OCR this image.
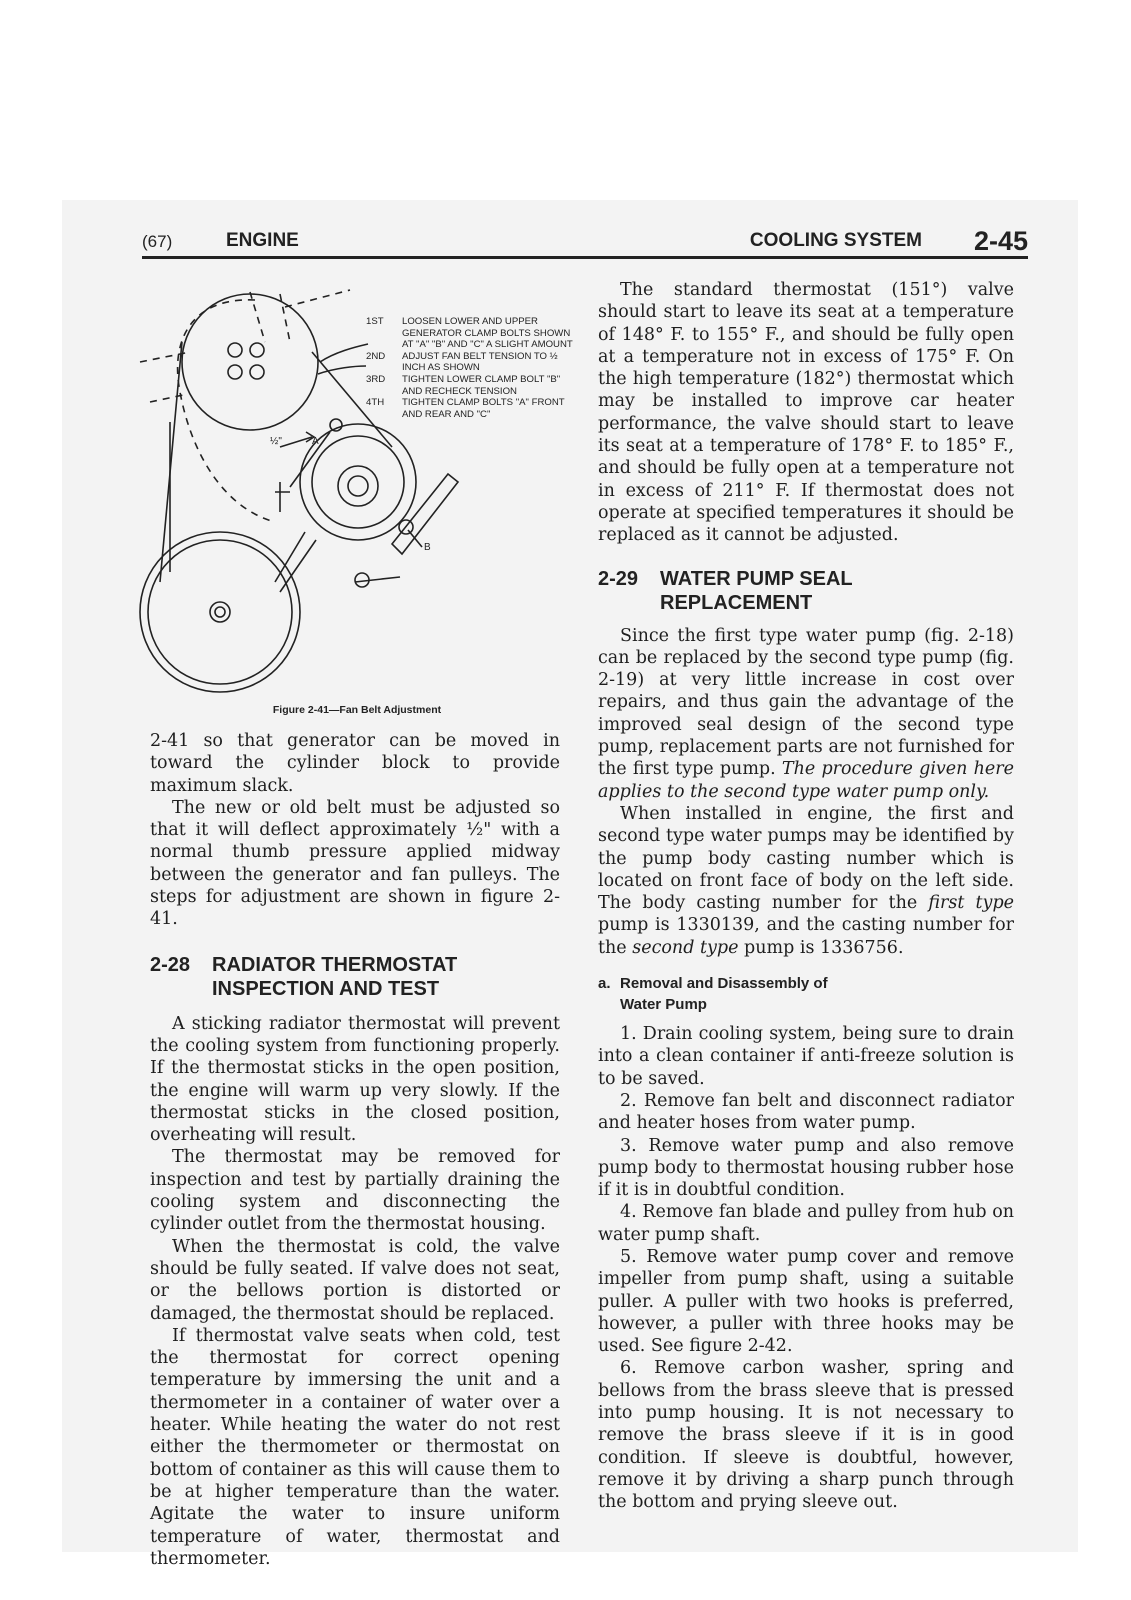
(67)	ENGINE	COOLING SYSTEM 2-45
½"	A
B
1ST LOOSEN LOWER AND UPPER GENERATOR CLAMP BOLTS SHOWN AT "A" "B" AND "C" A SLIGHT AMOUNT
2ND ADJUST FAN BELT TENSION TO ½ INCH AS SHOWN
3RD TIGHTEN LOWER CLAMP BOLT "B" AND RECHECK TENSION
4TH TIGHTEN CLAMP BOLTS "A" FRONT AND REAR AND "C"
Figure 2-41—Fan Belt Adjustment

2-41 so that generator can be moved in toward the cylinder block to provide maximum slack.

The new or old belt must be adjusted so that it will deflect approximately ½" with a normal thumb pressure applied midway between the generator and fan pulleys. The steps for adjustment are shown in figure 2-41.

2-28 RADIATOR THERMOSTAT
INSPECTION AND TEST

A sticking radiator thermostat will prevent the cooling system from functioning properly. If the thermostat sticks in the open position, the engine will warm up very slowly. If the thermostat sticks in the closed position, overheating will result.

The thermostat may be removed for inspection and test by partially draining the cooling system and disconnecting the cylinder outlet from the thermostat housing.

When the thermostat is cold, the valve should be fully seated. If valve does not seat, or the bellows portion is distorted or damaged, the thermostat should be replaced.

If thermostat valve seats when cold, test the thermostat for correct opening temperature by immersing the unit and a thermometer in a container of water over a heater. While heating the water do not rest either the thermometer or thermostat on bottom of container as this will cause them to be at higher temperature than the water. Agitate the water to insure uniform temperature of water, thermostat and thermometer.

The standard thermostat (151°) valve should start to leave its seat at a temperature of 148° F. to 155° F., and should be fully open at a temperature not in excess of 175° F. On the high temperature (182°) thermostat which may be installed to improve car heater performance, the valve should start to leave its seat at a temperature of 178° F. to 185° F., and should be fully open at a temperature not in excess of 211° F. If thermostat does not operate at specified temperatures it should be replaced as it cannot be adjusted.

2-29 WATER PUMP SEAL
REPLACEMENT

Since the first type water pump (fig. 2-18) can be replaced by the second type pump (fig. 2-19) at very little increase in cost over repairs, and thus gain the advantage of the improved seal design of the second type pump, replacement parts are not furnished for the first type pump. The procedure given here applies to the second type water pump only.

When installed in engine, the first and second type water pumps may be identified by the pump body casting number which is located on front face of body on the left side. The body casting number for the first type pump is 1330139, and the casting number for the second type pump is 1336756.

a. Removal and Disassembly of
Water Pump

1. Drain cooling system, being sure to drain into a clean container if anti-freeze solution is to be saved.

2. Remove fan belt and disconnect radiator and heater hoses from water pump.

3. Remove water pump and also remove pump body to thermostat housing rubber hose if it is in doubtful condition.

4. Remove fan blade and pulley from hub on water pump shaft.

5. Remove water pump cover and remove impeller from pump shaft, using a suitable puller. A puller with two hooks is preferred, however, a puller with three hooks may be used. See figure 2-42.

6. Remove carbon washer, spring and bellows from the brass sleeve that is pressed into pump housing. It is not necessary to remove the brass sleeve if it is in good condition. If sleeve is doubtful, however, remove it by driving a sharp punch through the bottom and prying sleeve out.
